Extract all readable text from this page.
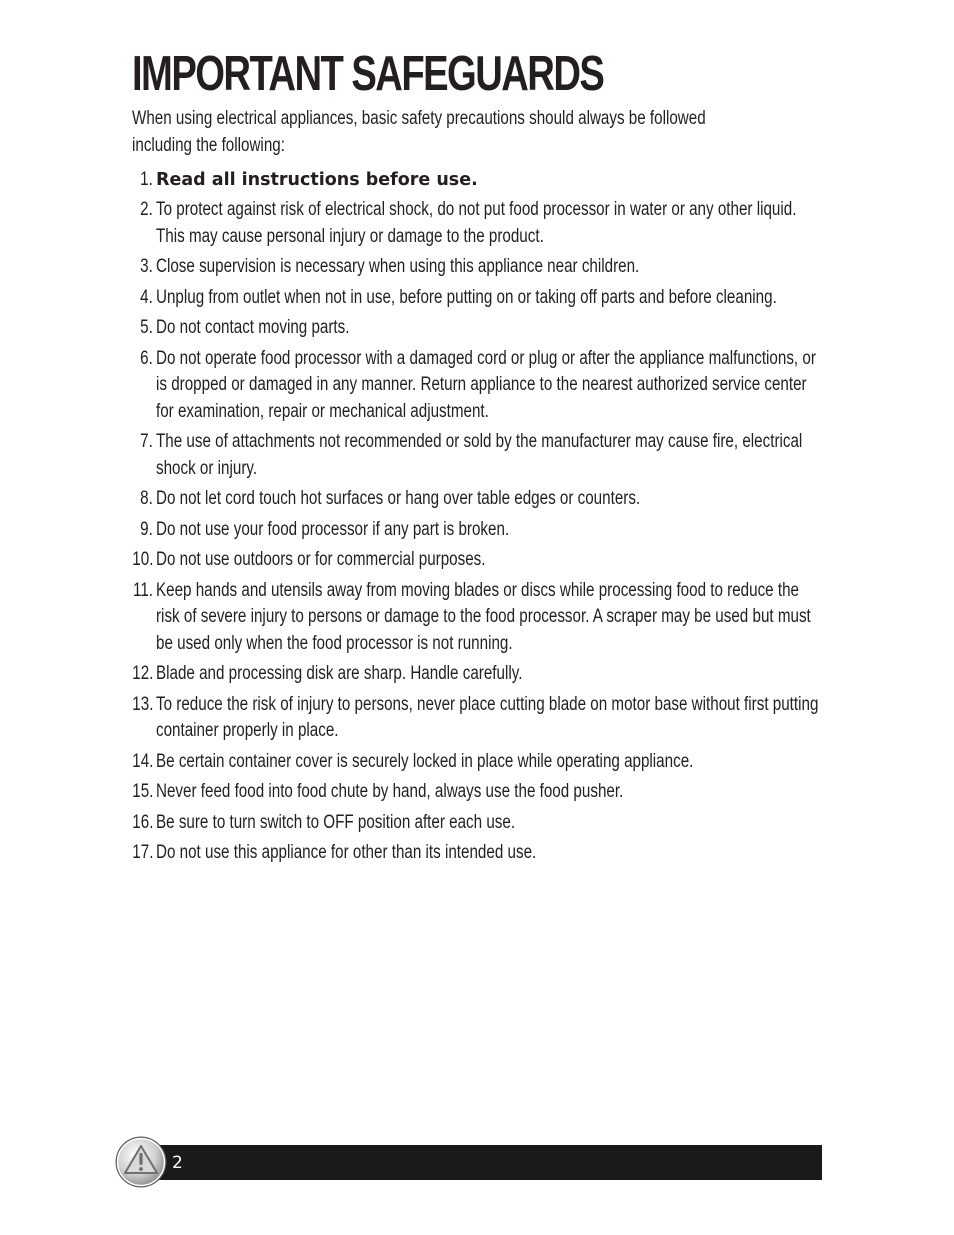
IMPORTANT SAFEGUARDS

When using electrical appliances, basic safety precautions should always be followed including the following:

1. Read all instructions before use.
2. To protect against risk of electrical shock, do not put food processor in water or any other liquid. This may cause personal injury or damage to the product.
3. Close supervision is necessary when using this appliance near children.
4. Unplug from outlet when not in use, before putting on or taking off parts and before cleaning.
5. Do not contact moving parts.
6. Do not operate food processor with a damaged cord or plug or after the appliance malfunctions, or is dropped or damaged in any manner. Return appliance to the nearest authorized service center for examination, repair or mechanical adjustment.
7. The use of attachments not recommended or sold by the manufacturer may cause fire, electrical shock or injury.
8. Do not let cord touch hot surfaces or hang over table edges or counters.
9. Do not use your food processor if any part is broken.
10. Do not use outdoors or for commercial purposes.
11. Keep hands and utensils away from moving blades or discs while processing food to reduce the risk of severe injury to persons or damage to the food processor. A scraper may be used but must be used only when the food processor is not running.
12. Blade and processing disk are sharp. Handle carefully.
13. To reduce the risk of injury to persons, never place cutting blade on motor base without first putting container properly in place.
14. Be certain container cover is securely locked in place while operating appliance.
15. Never feed food into food chute by hand, always use the food pusher.
16. Be sure to turn switch to OFF position after each use.
17. Do not use this appliance for other than its intended use.
2
